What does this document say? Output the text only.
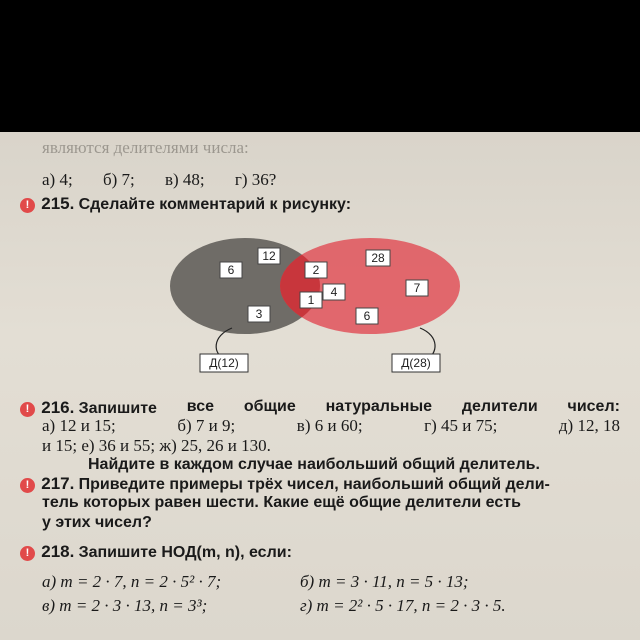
являются делителями числа:
а) 4; б) 7; в) 48; г) 36?
! 215. Сделайте комментарий к рисунку:
6
12
3
2
4
1
28
7
6
Д(12)	Д(28)
! 216. Запишите все общие натуральные делители чисел:
а) 12 и 15;	б) 7 и 9;	в) 6 и 60;	г) 45 и 75;	д) 12, 18
и 15; е) 36 и 55; ж) 25, 26 и 130.
Найдите в каждом случае наибольший общий делитель.
! 217. Приведите примеры трёх чисел, наибольший общий дели-
тель которых равен шести. Какие ещё общие делители есть
у этих чисел?
! 218. Запишите НОД(m, n), если:
а) m = 2 · 7, n = 2 · 5² · 7;	б) m = 3 · 11, n = 5 · 13;
в) m = 2 · 3 · 13, n = 3³;	г) m = 2² · 5 · 17, n = 2 · 3 · 5.
